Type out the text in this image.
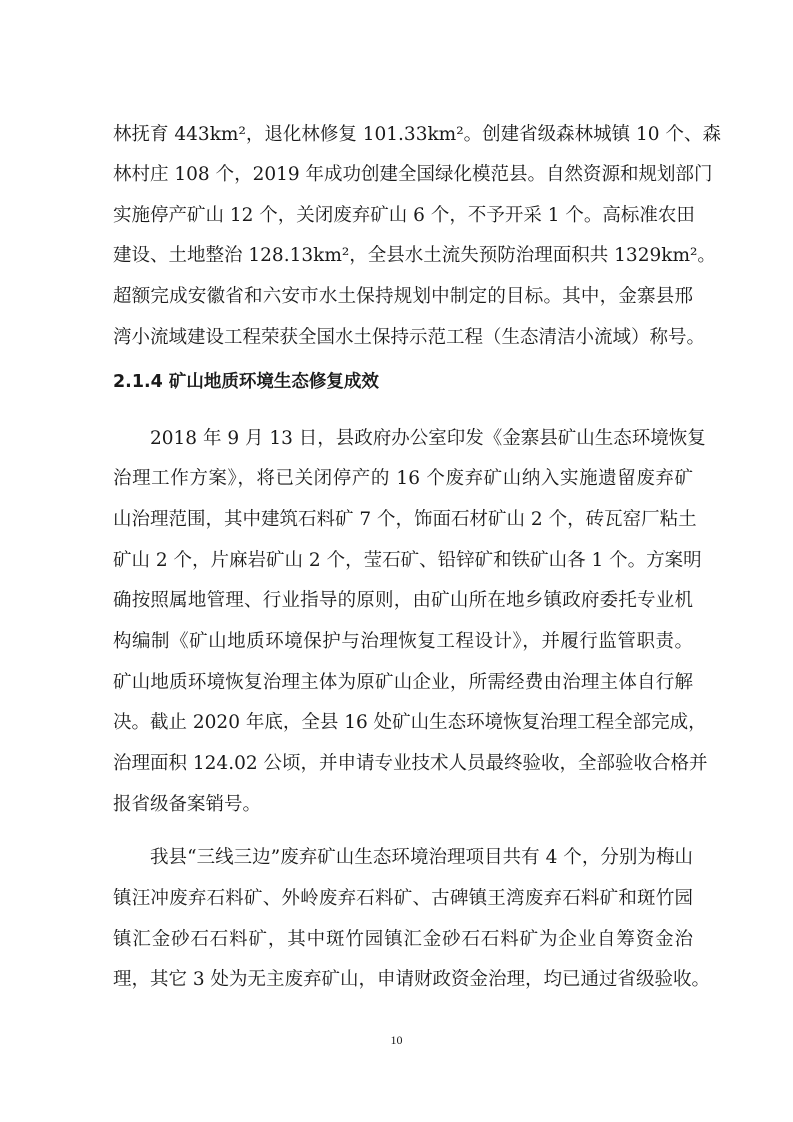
林抚育 443km²，退化林修复 101.33km²。创建省级森林城镇 10 个、森
林村庄 108 个，2019 年成功创建全国绿化模范县。自然资源和规划部门
实施停产矿山 12 个，关闭废弃矿山 6 个，不予开采 1 个。高标准农田
建设、土地整治 128.13km²，全县水土流失预防治理面积共 1329km²。
超额完成安徽省和六安市水土保持规划中制定的目标。其中，金寨县邢
湾小流域建设工程荣获全国水土保持示范工程（生态清洁小流域）称号。
2.1.4 矿山地质环境生态修复成效
2018 年 9 月 13 日，县政府办公室印发《金寨县矿山生态环境恢复
治理工作方案》，将已关闭停产的 16 个废弃矿山纳入实施遗留废弃矿
山治理范围，其中建筑石料矿 7 个，饰面石材矿山 2 个，砖瓦窑厂粘土
矿山 2 个，片麻岩矿山 2 个，莹石矿、铅锌矿和铁矿山各 1 个。方案明
确按照属地管理、行业指导的原则，由矿山所在地乡镇政府委托专业机
构编制《矿山地质环境保护与治理恢复工程设计》，并履行监管职责。
矿山地质环境恢复治理主体为原矿山企业，所需经费由治理主体自行解
决。截止 2020 年底，全县 16 处矿山生态环境恢复治理工程全部完成，
治理面积 124.02 公顷，并申请专业技术人员最终验收，全部验收合格并
报省级备案销号。
我县“三线三边”废弃矿山生态环境治理项目共有 4 个，分别为梅山
镇汪冲废弃石料矿、外岭废弃石料矿、古碑镇王湾废弃石料矿和斑竹园
镇汇金砂石石料矿，其中斑竹园镇汇金砂石石料矿为企业自筹资金治
理，其它 3 处为无主废弃矿山，申请财政资金治理，均已通过省级验收。
10
